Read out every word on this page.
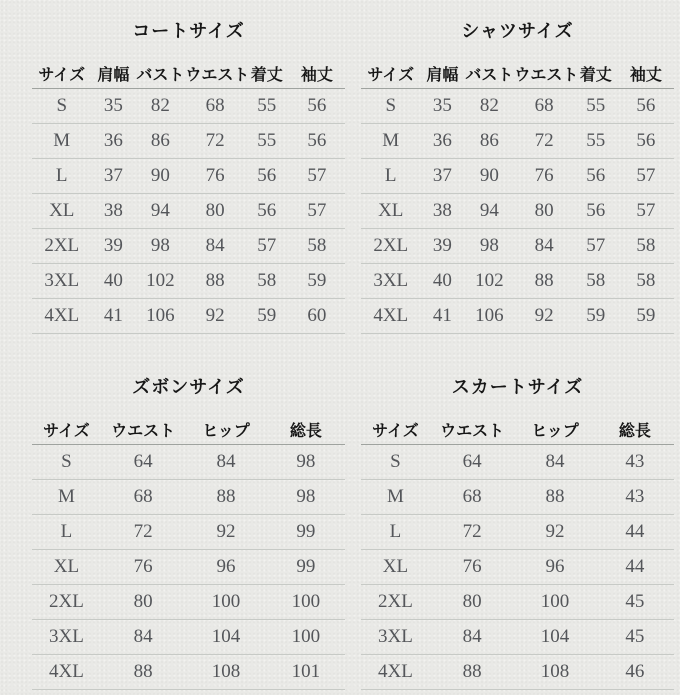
コートサイズ
サイズ	肩幅	バスト	ウエスト	着丈	袖丈
S	35	82	68	55	56
M	36	86	72	55	56
L	37	90	76	56	57
XL	38	94	80	56	57
2XL	39	98	84	57	58
3XL	40	102	88	58	59
4XL	41	106	92	59	60
シャツサイズ
サイズ	肩幅	バスト	ウエスト	着丈	袖丈
S	35	82	68	55	56
M	36	86	72	55	56
L	37	90	76	56	57
XL	38	94	80	56	57
2XL	39	98	84	57	58
3XL	40	102	88	58	58
4XL	41	106	92	59	59
ズボンサイズ
サイズ	ウエスト	ヒップ	総長
S	64	84	98
M	68	88	98
L	72	92	99
XL	76	96	99
2XL	80	100	100
3XL	84	104	100
4XL	88	108	101
スカートサイズ
サイズ	ウエスト	ヒップ	総長
S	64	84	43
M	68	88	43
L	72	92	44
XL	76	96	44
2XL	80	100	45
3XL	84	104	45
4XL	88	108	46
